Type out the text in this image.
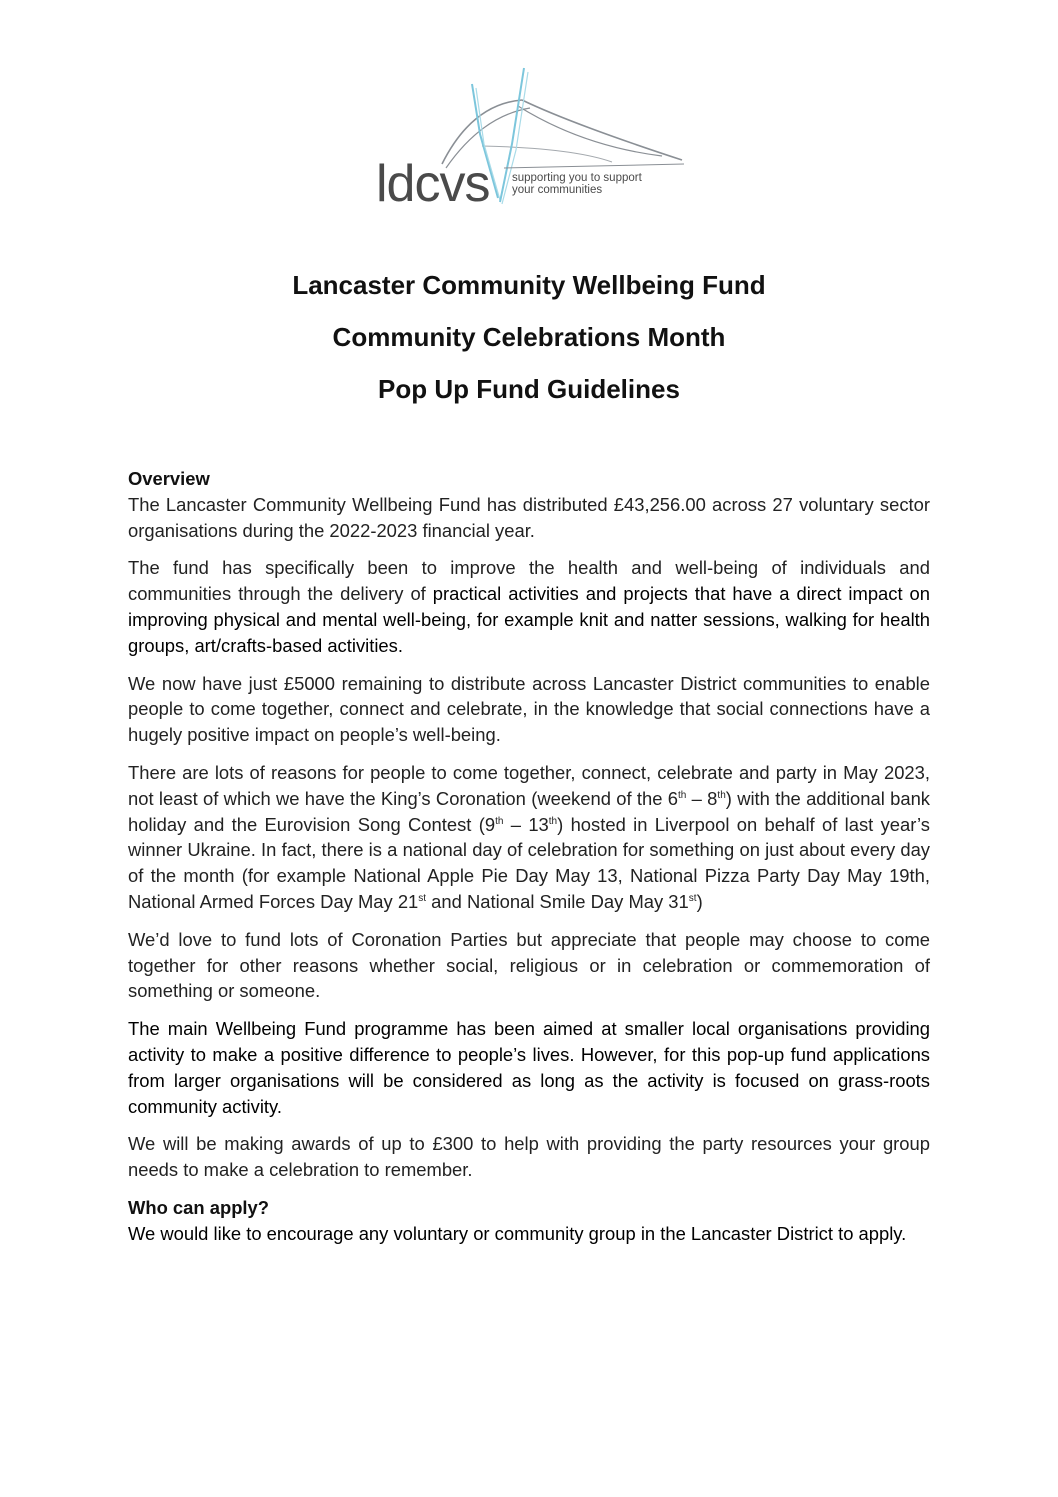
ldcvs supporting you to support
your communities
Lancaster Community Wellbeing Fund
Community Celebrations Month
Pop Up Fund Guidelines
Overview

The Lancaster Community Wellbeing Fund has distributed £43,256.00 across 27 voluntary sector organisations during the 2022-2023 financial year.

The fund has specifically been to improve the health and well-being of individuals and communities through the delivery of practical activities and projects that have a direct impact on improving physical and mental well-being, for example knit and natter sessions, walking for health groups, art/crafts-based activities.

We now have just £5000 remaining to distribute across Lancaster District communities to enable people to come together, connect and celebrate, in the knowledge that social connections have a hugely positive impact on people’s well-being.

There are lots of reasons for people to come together, connect, celebrate and party in May 2023, not least of which we have the King’s Coronation (weekend of the 6th – 8th) with the additional bank holiday and the Eurovision Song Contest (9th – 13th) hosted in Liverpool on behalf of last year’s winner Ukraine. In fact, there is a national day of celebration for something on just about every day of the month (for example National Apple Pie Day May 13, National Pizza Party Day May 19th, National Armed Forces Day May 21st and National Smile Day May 31st)

We’d love to fund lots of Coronation Parties but appreciate that people may choose to come together for other reasons whether social, religious or in celebration or commemoration of something or someone.

The main Wellbeing Fund programme has been aimed at smaller local organisations providing activity to make a positive difference to people’s lives. However, for this pop-up fund applications from larger organisations will be considered as long as the activity is focused on grass-roots community activity.

We will be making awards of up to £300 to help with providing the party resources your group needs to make a celebration to remember.

Who can apply?

We would like to encourage any voluntary or community group in the Lancaster District to apply.
